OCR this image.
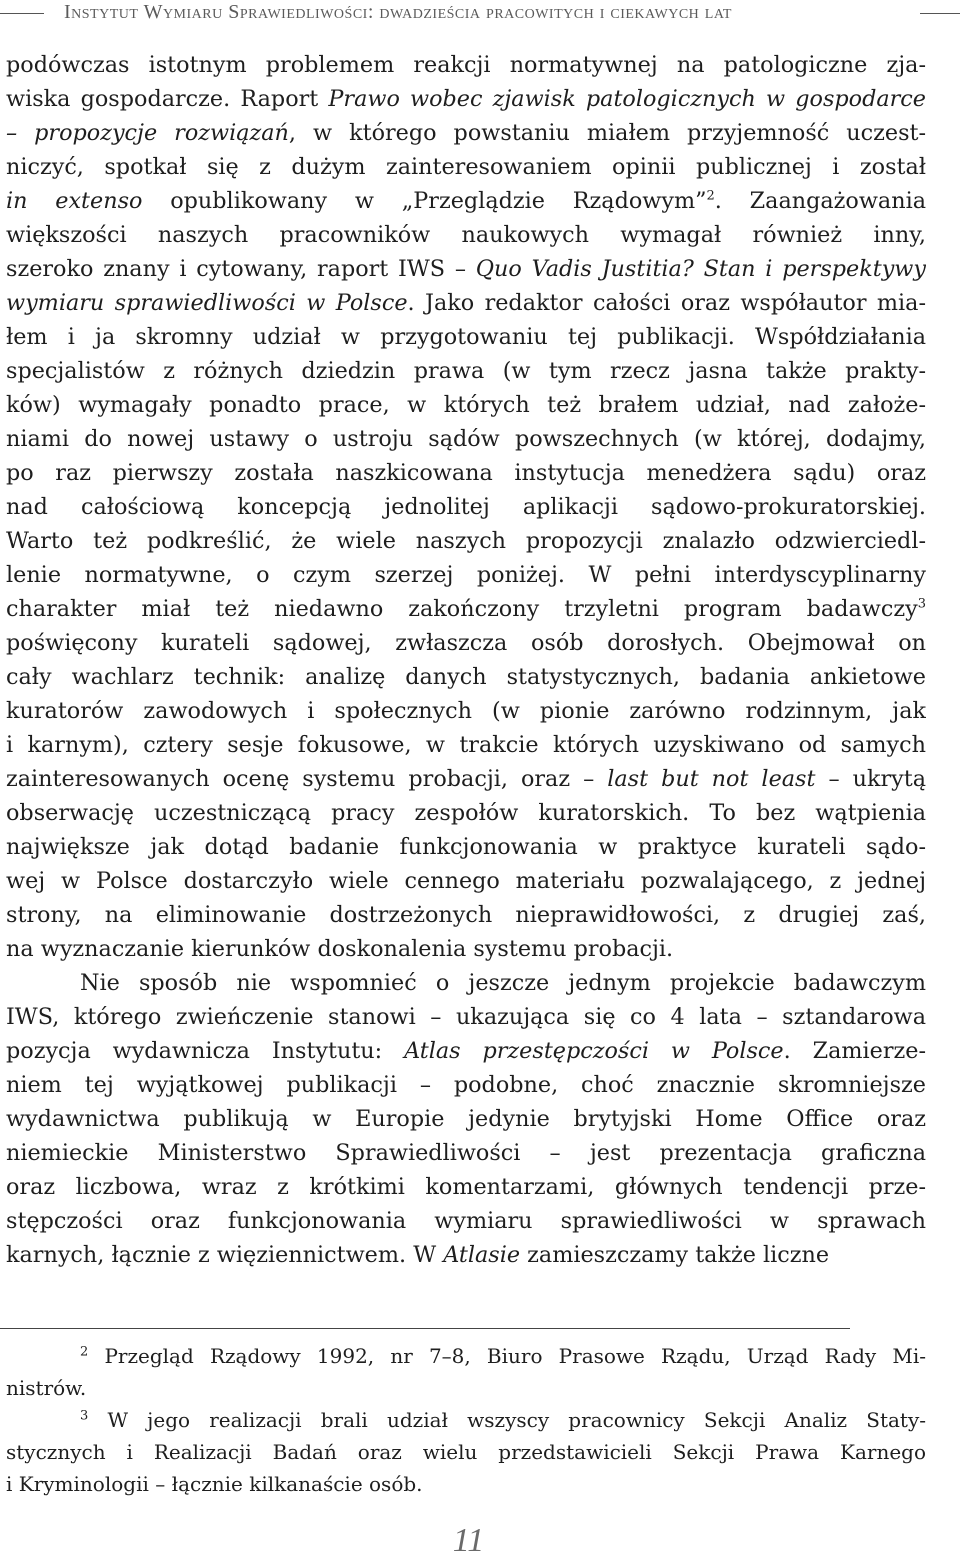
Instytut Wymiaru Sprawiedliwości: dwadzieścia pracowitych i ciekawych lat
podówczas istotnym problemem reakcji normatywnej na patologiczne zja-
wiska gospodarcze. Raport Prawo wobec zjawisk patologicznych w gospodarce
– propozycje rozwiązań, w którego powstaniu miałem przyjemność uczest-
niczyć, spotkał się z dużym zainteresowaniem opinii publicznej i został
in extenso opublikowany w „Przeglądzie Rządowym”$^2$. Zaangażowania
większości naszych pracowników naukowych wymagał również inny,
szeroko znany i cytowany, raport IWS – Quo Vadis Justitia? Stan i perspektywy
wymiaru sprawiedliwości w Polsce. Jako redaktor całości oraz współautor mia-
łem i ja skromny udział w przygotowaniu tej publikacji. Współdziałania
specjalistów z różnych dziedzin prawa (w tym rzecz jasna także prakty-
ków) wymagały ponadto prace, w których też brałem udział, nad założe-
niami do nowej ustawy o ustroju sądów powszechnych (w której, dodajmy,
po raz pierwszy została naszkicowana instytucja menedżera sądu) oraz
nad całościową koncepcją jednolitej aplikacji sądowo-prokuratorskiej.
Warto też podkreślić, że wiele naszych propozycji znalazło odzwierciedl-
lenie normatywne, o czym szerzej poniżej. W pełni interdyscyplinarny
charakter miał też niedawno zakończony trzyletni program badawczy$^3$
poświęcony kurateli sądowej, zwłaszcza osób dorosłych. Obejmował on
cały wachlarz technik: analizę danych statystycznych, badania ankietowe
kuratorów zawodowych i społecznych (w pionie zarówno rodzinnym, jak
i karnym), cztery sesje fokusowe, w trakcie których uzyskiwano od samych
zainteresowanych ocenę systemu probacji, oraz – last but not least – ukrytą
obserwację uczestniczącą pracy zespołów kuratorskich. To bez wątpienia
największe jak dotąd badanie funkcjonowania w praktyce kurateli sądo-
wej w Polsce dostarczyło wiele cennego materiału pozwalającego, z jednej
strony, na eliminowanie dostrzeżonych nieprawidłowości, z drugiej zaś,
na wyznaczanie kierunków doskonalenia systemu probacji.
Nie sposób nie wspomnieć o jeszcze jednym projekcie badawczym
IWS, którego zwieńczenie stanowi – ukazująca się co 4 lata – sztandarowa
pozycja wydawnicza Instytutu: Atlas przestępczości w Polsce. Zamierze-
niem tej wyjątkowej publikacji – podobne, choć znacznie skromniejsze
wydawnictwa publikują w Europie jedynie brytyjski Home Office oraz
niemieckie Ministerstwo Sprawiedliwości – jest prezentacja graficzna
oraz liczbowa, wraz z krótkimi komentarzami, głównych tendencji prze-
stępczości oraz funkcjonowania wymiaru sprawiedliwości w sprawach
karnych, łącznie z więziennictwem. W Atlasie zamieszczamy także liczne
$^2$ Przegląd Rządowy 1992, nr 7–8, Biuro Prasowe Rządu, Urząd Rady Mi-
nistrów.
$^3$ W jego realizacji brali udział wszyscy pracownicy Sekcji Analiz Staty-
stycznych i Realizacji Badań oraz wielu przedstawicieli Sekcji Prawa Karnego
i Kryminologii – łącznie kilkanaście osób.
11
